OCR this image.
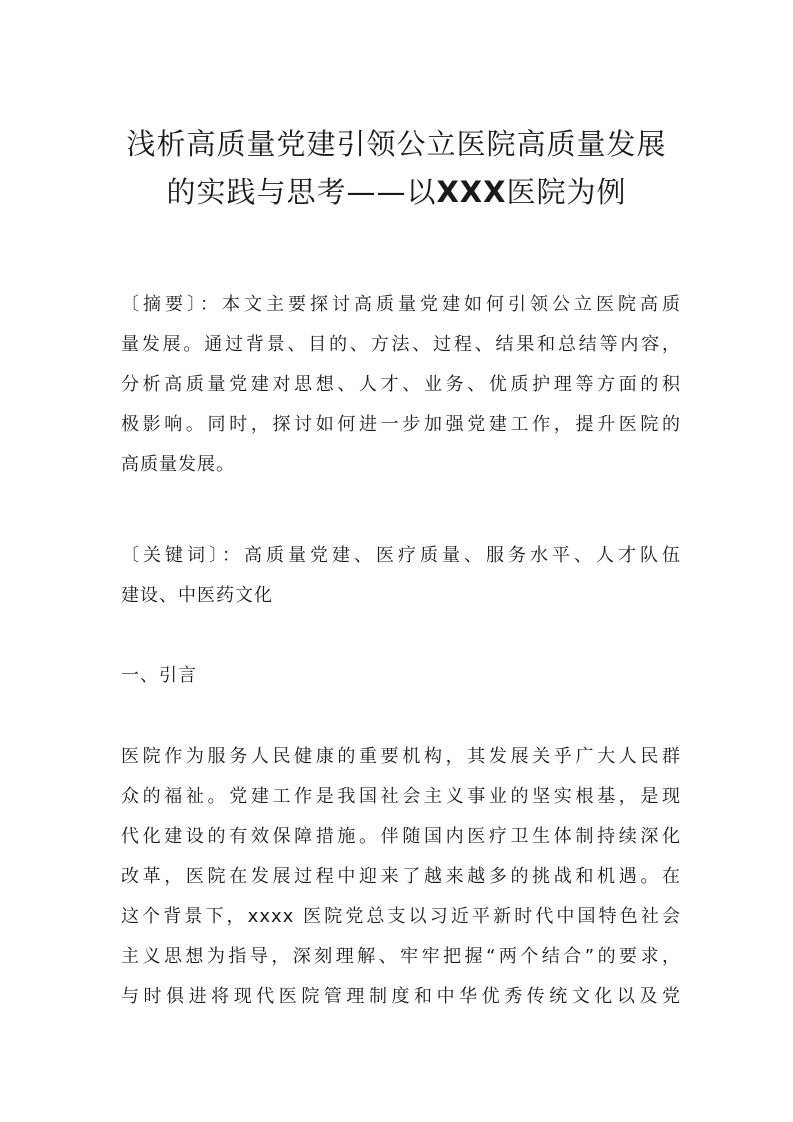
浅析高质量党建引领公立医院高质量发展
的实践与思考——以XXX医院为例
〔摘要〕：本文主要探讨高质量党建如何引领公立医院高质
量发展。通过背景、目的、方法、过程、结果和总结等内容，
分析高质量党建对思想、人才、业务、优质护理等方面的积
极影响。同时，探讨如何进一步加强党建工作，提升医院的
高质量发展。
〔关键词〕：高质量党建、医疗质量、服务水平、人才队伍
建设、中医药文化
一、引言
医院作为服务人民健康的重要机构，其发展关乎广大人民群
众的福祉。党建工作是我国社会主义事业的坚实根基，是现
代化建设的有效保障措施。伴随国内医疗卫生体制持续深化
改革，医院在发展过程中迎来了越来越多的挑战和机遇。在
这个背景下，xxxx 医院党总支以习近平新时代中国特色社会
主义思想为指导，深刻理解、牢牢把握“两个结合”的要求，
与时俱进将现代医院管理制度和中华优秀传统文化以及党
